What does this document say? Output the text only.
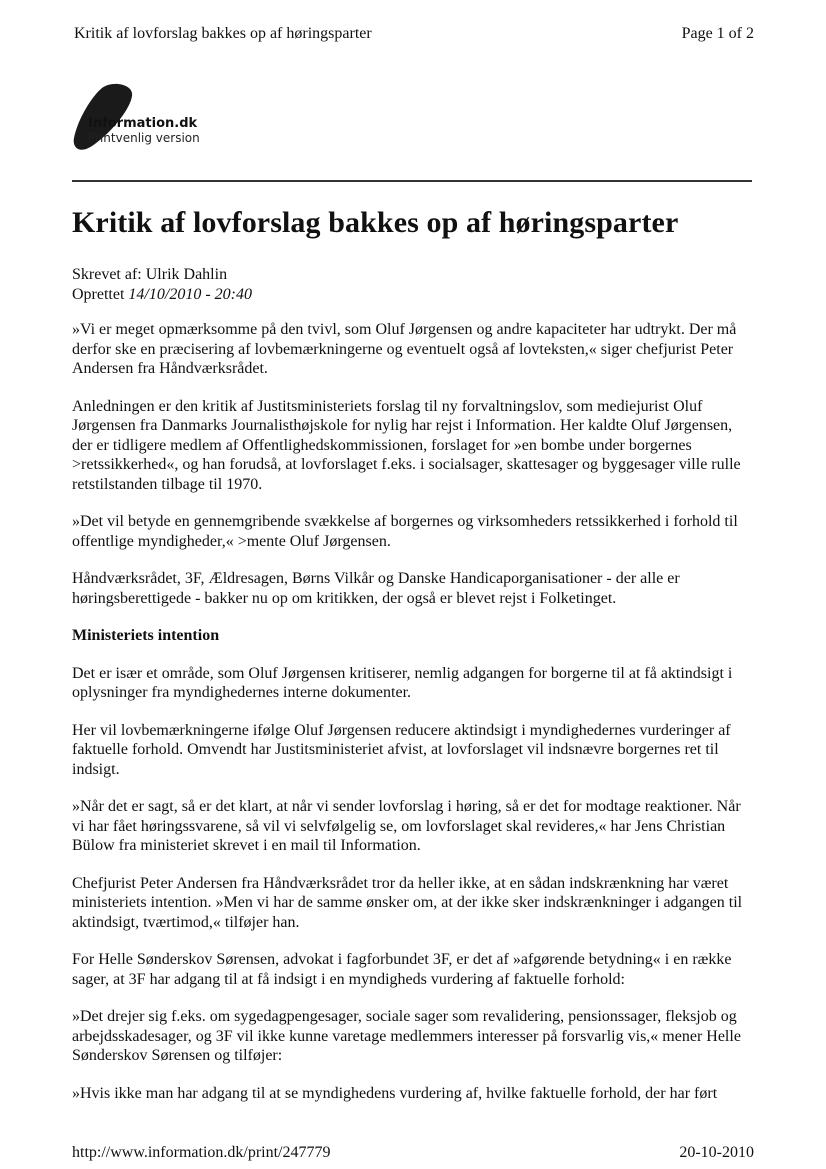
Kritik af lovforslag bakkes op af høringsparter	Page 1 of 2
Information.dk
Printvenlig version
Kritik af lovforslag bakkes op af høringsparter
Skrevet af: Ulrik Dahlin
Oprettet 14/10/2010 - 20:40

»Vi er meget opmærksomme på den tvivl, som Oluf Jørgensen og andre kapaciteter har udtrykt. Der må derfor ske en præcisering af lovbemærkningerne og eventuelt også af lovteksten,« siger chefjurist Peter Andersen fra Håndværksrådet.

Anledningen er den kritik af Justitsministeriets forslag til ny forvaltningslov, som mediejurist Oluf Jørgensen fra Danmarks Journalisthøjskole for nylig har rejst i Information. Her kaldte Oluf Jørgensen, der er tidligere medlem af Offentlighedskommissionen, forslaget for »en bombe under borgernes >retssikkerhed«, og han forudså, at lovforslaget f.eks. i socialsager, skattesager og byggesager ville rulle retstilstanden tilbage til 1970.

»Det vil betyde en gennemgribende svækkelse af borgernes og virksomheders retssikkerhed i forhold til offentlige myndigheder,« >mente Oluf Jørgensen.

Håndværksrådet, 3F, Ældresagen, Børns Vilkår og Danske Handicaporganisationer - der alle er høringsberettigede - bakker nu op om kritikken, der også er blevet rejst i Folketinget.

Ministeriets intention

Det er især et område, som Oluf Jørgensen kritiserer, nemlig adgangen for borgerne til at få aktindsigt i oplysninger fra myndighedernes interne dokumenter.

Her vil lovbemærkningerne ifølge Oluf Jørgensen reducere aktindsigt i myndighedernes vurderinger af faktuelle forhold. Omvendt har Justitsministeriet afvist, at lovforslaget vil indsnævre borgernes ret til indsigt.

»Når det er sagt, så er det klart, at når vi sender lovforslag i høring, så er det for modtage reaktioner. Når vi har fået høringssvarene, så vil vi selvfølgelig se, om lovforslaget skal revideres,« har Jens Christian Bülow fra ministeriet skrevet i en mail til Information.

Chefjurist Peter Andersen fra Håndværksrådet tror da heller ikke, at en sådan indskrænkning har været ministeriets intention. »Men vi har de samme ønsker om, at der ikke sker indskrænkninger i adgangen til aktindsigt, tværtimod,« tilføjer han.

For Helle Sønderskov Sørensen, advokat i fagforbundet 3F, er det af »afgørende betydning« i en række sager, at 3F har adgang til at få indsigt i en myndigheds vurdering af faktuelle forhold:

»Det drejer sig f.eks. om sygedagpengesager, sociale sager som revalidering, pensionssager, fleksjob og arbejdsskadesager, og 3F vil ikke kunne varetage medlemmers interesser på forsvarlig vis,« mener Helle Sønderskov Sørensen og tilføjer:

»Hvis ikke man har adgang til at se myndighedens vurdering af, hvilke faktuelle forhold, der har ført

http://www.information.dk/print/247779	20-10-2010
